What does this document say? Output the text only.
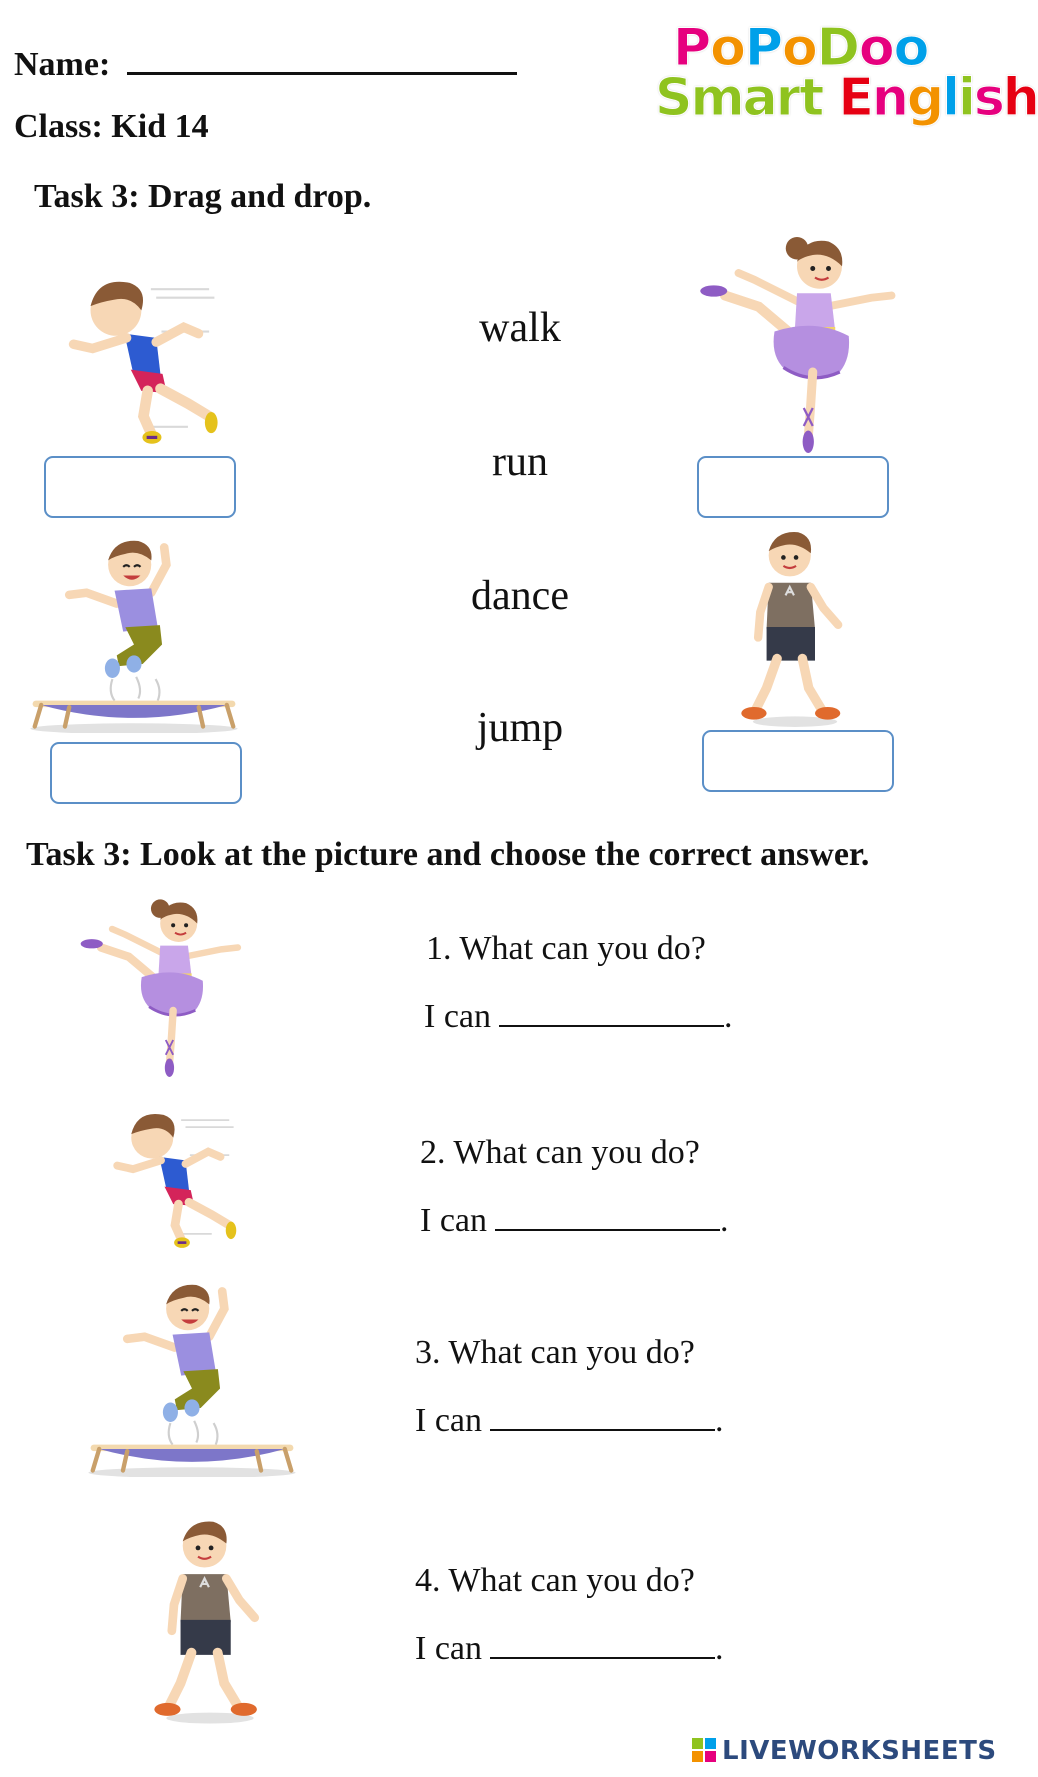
Name:
Class: Kid 14
PoPoDoo
Smart English
Task 3: Drag and drop.
walk
run
dance
jump
Task 3: Look at the picture and choose the correct answer.
1. What can you do?
I can	.
2. What can you do?
I can	.
3. What can you do?
I can	.
4. What can you do?
I can	.
LIVEWORKSHEETS
